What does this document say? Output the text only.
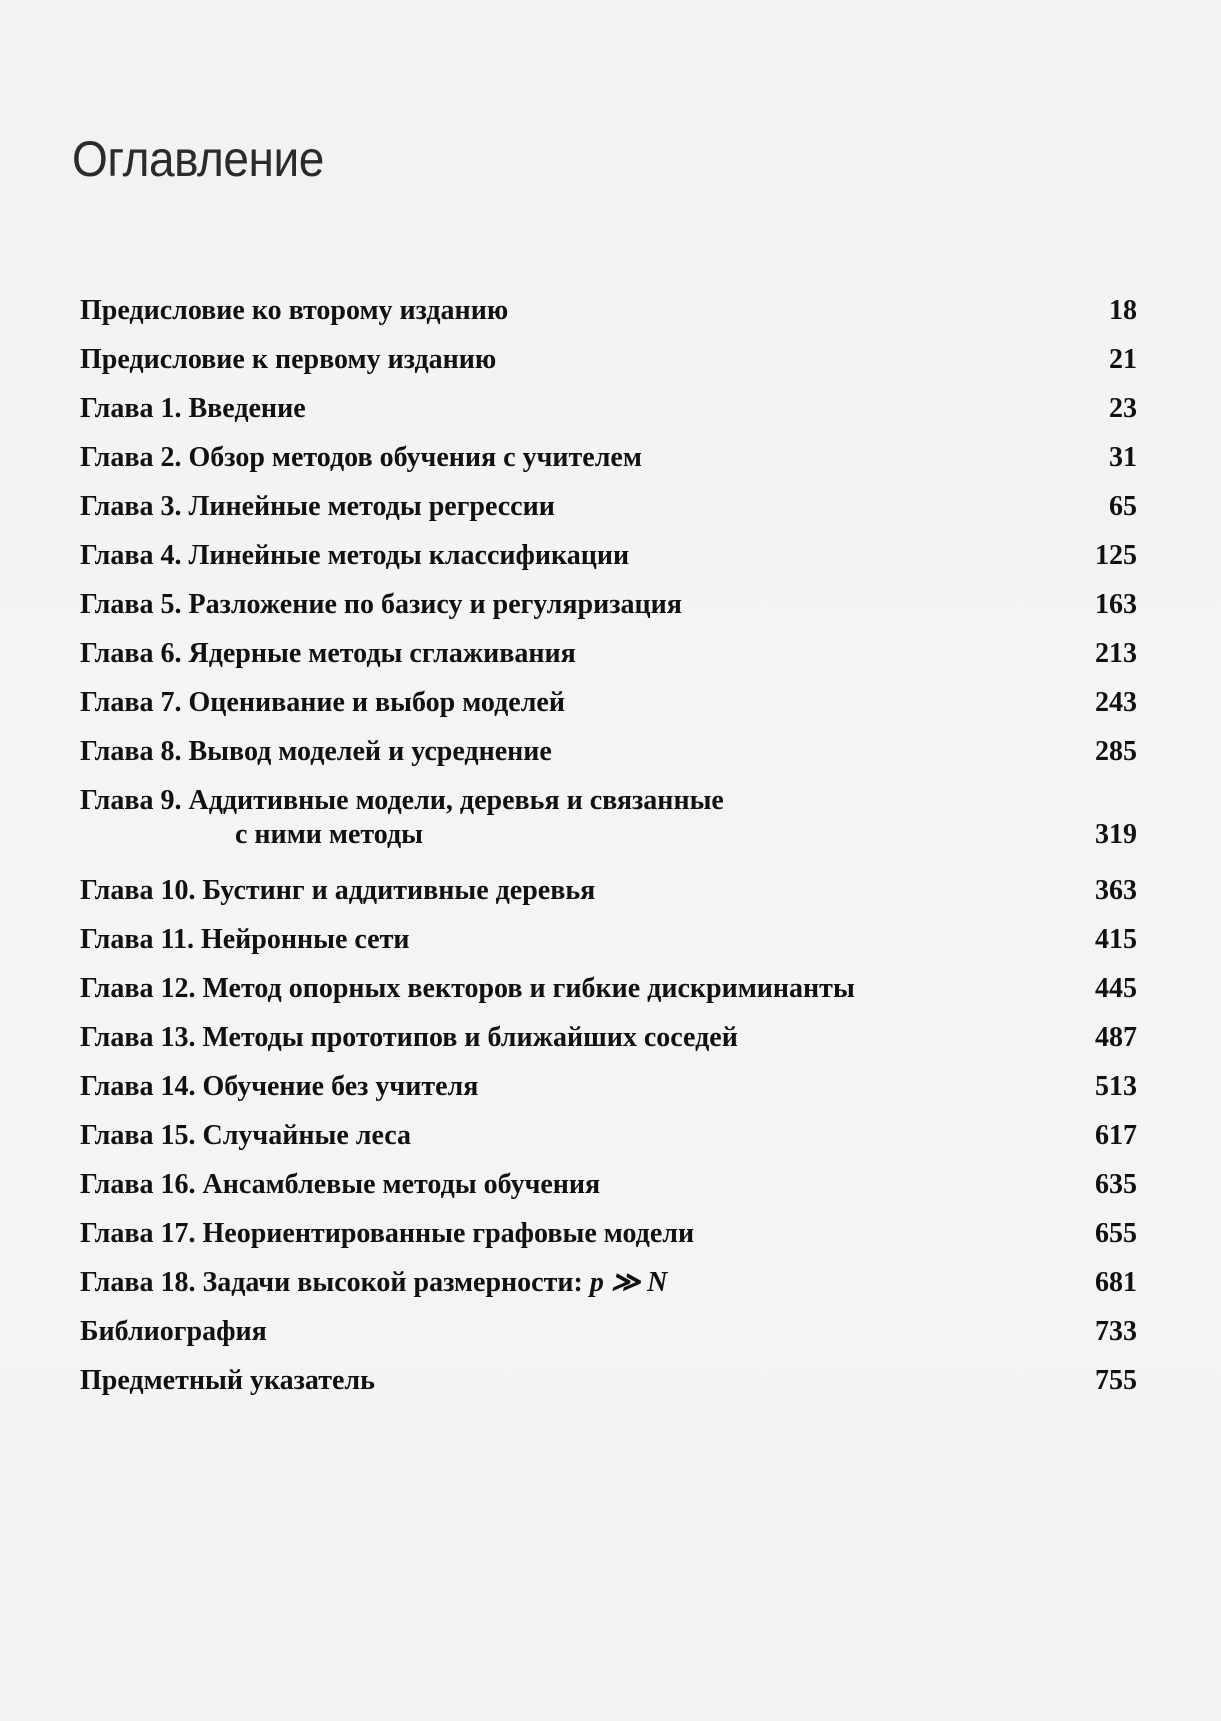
Оглавление
Предисловие ко второму изданию	18
Предисловие к первому изданию	21
Глава 1. Введение	23
Глава 2. Обзор методов обучения с учителем	31
Глава 3. Линейные методы регрессии	65
Глава 4. Линейные методы классификации	125
Глава 5. Разложение по базису и регуляризация	163
Глава 6. Ядерные методы сглаживания	213
Глава 7. Оценивание и выбор моделей	243
Глава 8. Вывод моделей и усреднение	285
Глава 9. Аддитивные модели, деревья и связанные
с ними методы	319
Глава 10. Бустинг и аддитивные деревья	363
Глава 11. Нейронные сети	415
Глава 12. Метод опорных векторов и гибкие дискриминанты	445
Глава 13. Методы прототипов и ближайших соседей	487
Глава 14. Обучение без учителя	513
Глава 15. Случайные леса	617
Глава 16. Ансамблевые методы обучения	635
Глава 17. Неориентированные графовые модели	655
Глава 18. Задачи высокой размерности: p ≫ N	681
Библиография	733
Предметный указатель	755
